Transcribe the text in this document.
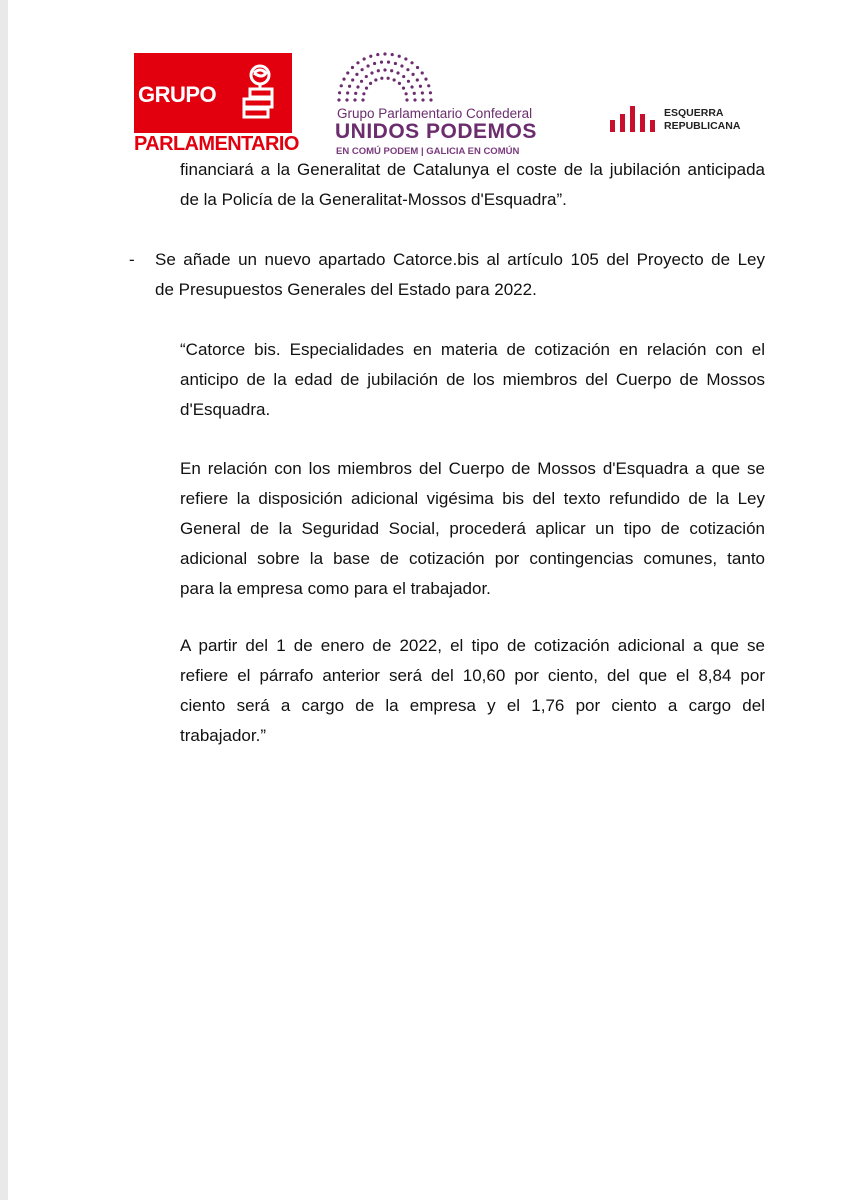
GRUPO
PARLAMENTARIO
Grupo Parlamentario Confederal
UNIDOS PODEMOS
EN COMÚ PODEM | GALICIA EN COMÚN
ESQUERRA
REPUBLICANA
financiará a la Generalitat de Catalunya el coste de la jubilación anticipada
de la Policía de la Generalitat-Mossos d'Esquadra”.
- Se añade un nuevo apartado Catorce.bis al artículo 105 del Proyecto de Ley
de Presupuestos Generales del Estado para 2022.
“Catorce bis. Especialidades en materia de cotización en relación con el
anticipo de la edad de jubilación de los miembros del Cuerpo de Mossos
d'Esquadra.
En relación con los miembros del Cuerpo de Mossos d'Esquadra a que se
refiere la disposición adicional vigésima bis del texto refundido de la Ley
General de la Seguridad Social, procederá aplicar un tipo de cotización
adicional sobre la base de cotización por contingencias comunes, tanto
para la empresa como para el trabajador.
A partir del 1 de enero de 2022, el tipo de cotización adicional a que se
refiere el párrafo anterior será del 10,60 por ciento, del que el 8,84 por
ciento será a cargo de la empresa y el 1,76 por ciento a cargo del
trabajador.”
